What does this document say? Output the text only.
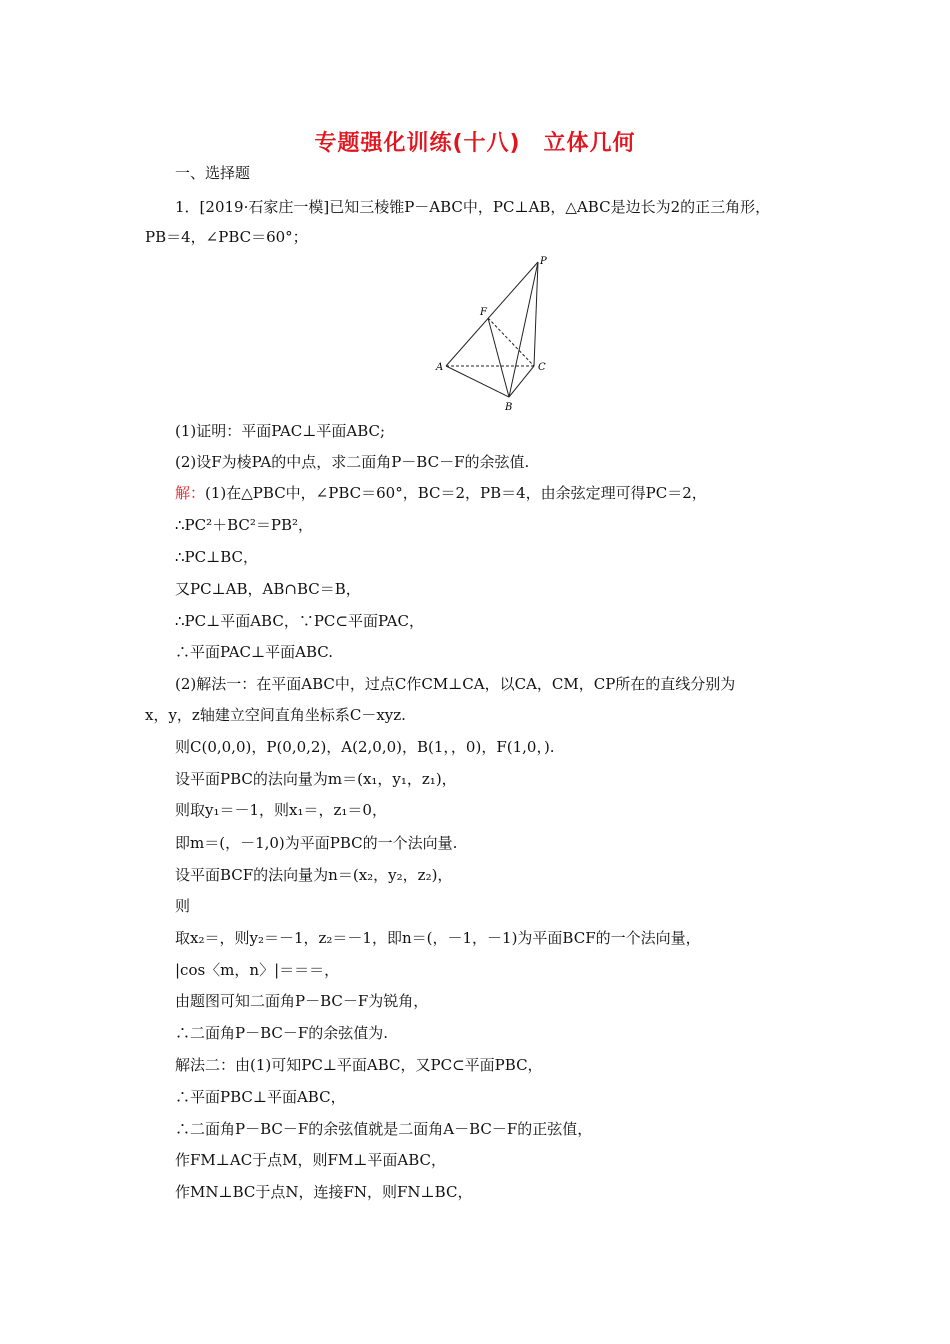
专题强化训练(十八)　立体几何
一、选择题
1．[2019·石家庄一模]已知三棱锥P－ABC中，PC⊥AB，△ABC是边长为2的正三角形，
PB＝4，∠PBC＝60°；
P
F
A	C
B
(1)证明：平面PAC⊥平面ABC;
(2)设F为棱PA的中点，求二面角P－BC－F的余弦值.
解：(1)在△PBC中，∠PBC＝60°，BC＝2，PB＝4，由余弦定理可得PC＝2，
∴PC²＋BC²＝PB²，
∴PC⊥BC，
又PC⊥AB，AB∩BC＝B，
∴PC⊥平面ABC，∵PC⊂平面PAC，
∴平面PAC⊥平面ABC.
(2)解法一：在平面ABC中，过点C作CM⊥CA，以CA，CM，CP所在的直线分别为
x，y，z轴建立空间直角坐标系C－xyz.
则C(0,0,0)，P(0,0,2)，A(2,0,0)，B(1，，0)，F(1,0，).
设平面PBC的法向量为m＝(x₁，y₁，z₁)，
则取y₁＝－1，则x₁＝，z₁＝0，
即m＝(，－1,0)为平面PBC的一个法向量.
设平面BCF的法向量为n＝(x₂，y₂，z₂)，
则
取x₂＝，则y₂＝－1，z₂＝－1，即n＝(，－1，－1)为平面BCF的一个法向量，
|cos〈m，n〉|＝＝＝，
由题图可知二面角P－BC－F为锐角，
∴二面角P－BC－F的余弦值为.
解法二：由(1)可知PC⊥平面ABC，又PC⊂平面PBC，
∴平面PBC⊥平面ABC，
∴二面角P－BC－F的余弦值就是二面角A－BC－F的正弦值，
作FM⊥AC于点M，则FM⊥平面ABC，
作MN⊥BC于点N，连接FN，则FN⊥BC，
